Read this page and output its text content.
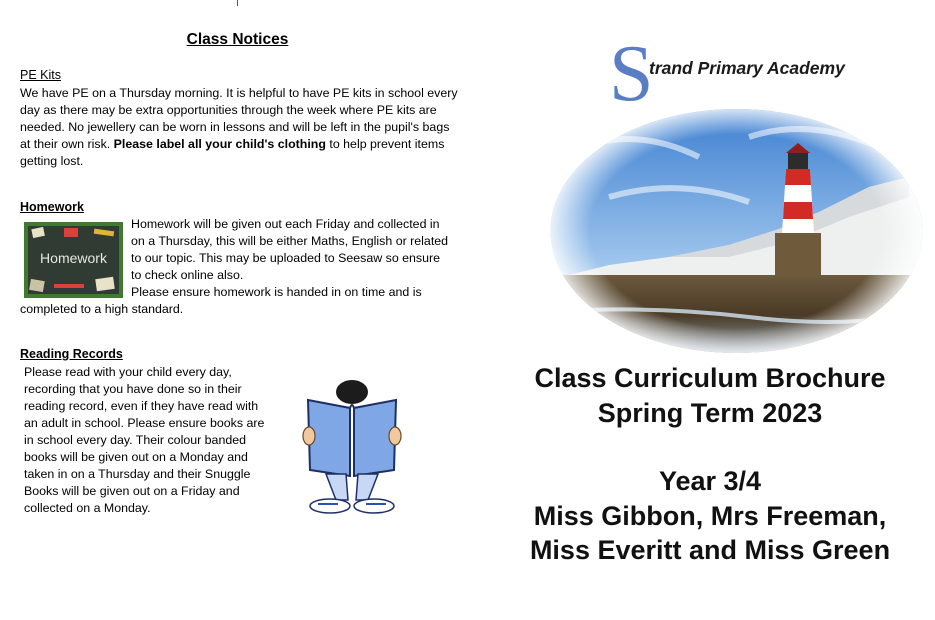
Class Notices

PE Kits

We have PE on a Thursday morning. It is helpful to have PE kits in school every day as there may be extra opportunities through the week where PE kits are needed. No jewellery can be worn in lessons and will be left in the pupil's bags at their own risk. Please label all your child's clothing to help prevent items getting lost.

Homework

Homework

Homework will be given out each Friday and collected in on a Thursday, this will be either Maths, English or related to our topic. This may be uploaded to Seesaw so ensure to check online also.

Please ensure homework is handed in on time and is

completed to a high standard.

Reading Records

Please read with your child every day, recording that you have done so in their reading record, even if they have read with an adult in school. Please ensure books are in school every day. Their colour banded books will be given out on a Monday and taken in on a Thursday and their Snuggle Books will be given out on a Friday and collected on a Monday.

S
trand Primary Academy

Class Curriculum Brochure

Spring Term 2023

Year 3/4

Miss Gibbon, Mrs Freeman,

Miss Everitt and Miss Green
